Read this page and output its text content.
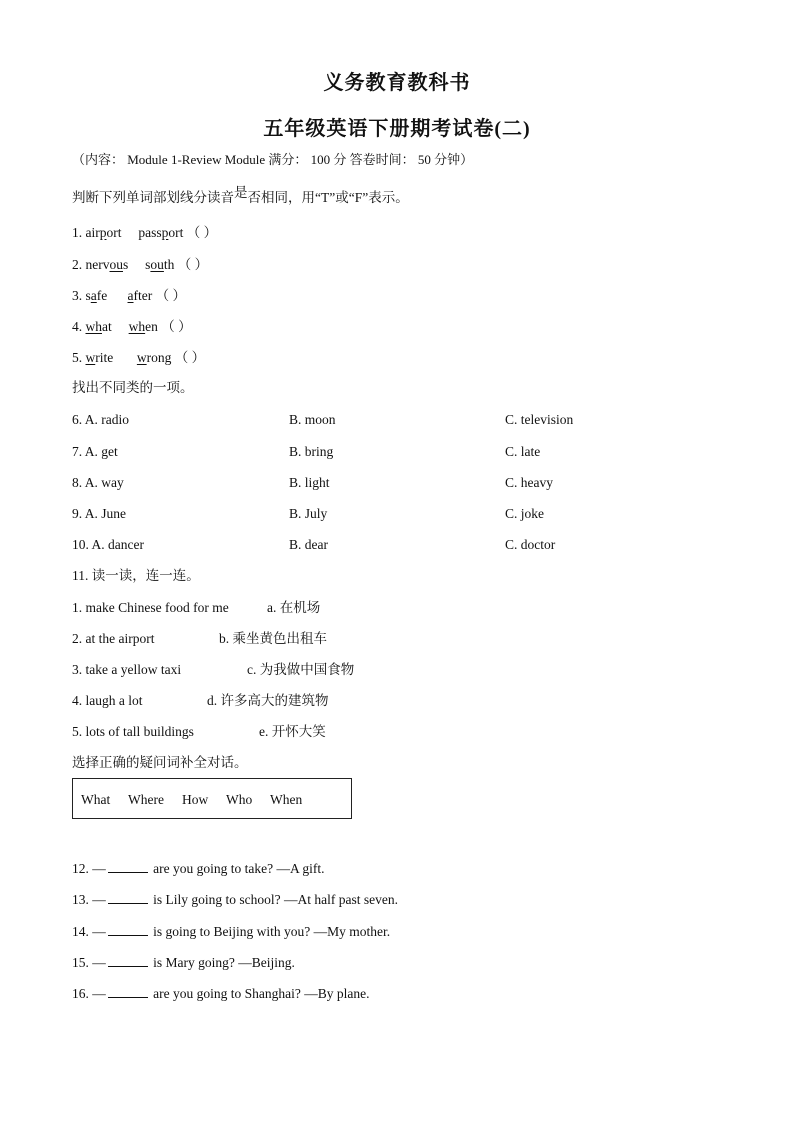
义务教育教科书
五年级英语下册期考试卷(二)
（内容： Module 1-Review Module 满分： 100 分 答卷时间： 50 分钟）
判断下列单词部划线分读音是否相同，用“T”或“F”表示。
1. airport passport （ ）
2. nervous south （ ）
3. safe after （ ）
4. what when （ ）
5. write wrong （ ）
找出不同类的一项。
6. A. radio	B. moon	C. television
7. A. get	B. bring	C. late
8. A. way	B. light	C. heavy
9. A. June	B. July	C. joke
10. A. dancer	B. dear	C. doctor
11. 读一读，连一连。
1. make Chinese food for me	a. 在机场
2. at the airport	b. 乘坐黄色出租车
3. take a yellow taxi	c. 为我做中国食物
4. laugh a lot	d. 许多高大的建筑物
5. lots of tall buildings	e. 开怀大笑
选择正确的疑问词补全对话。
What Where How Who When
12. —	are you going to take? —A gift.
13. —	is Lily going to school? —At half past seven.
14. —	is going to Beijing with you? —My mother.
15. —	is Mary going? —Beijing.
16. —	are you going to Shanghai? —By plane.
